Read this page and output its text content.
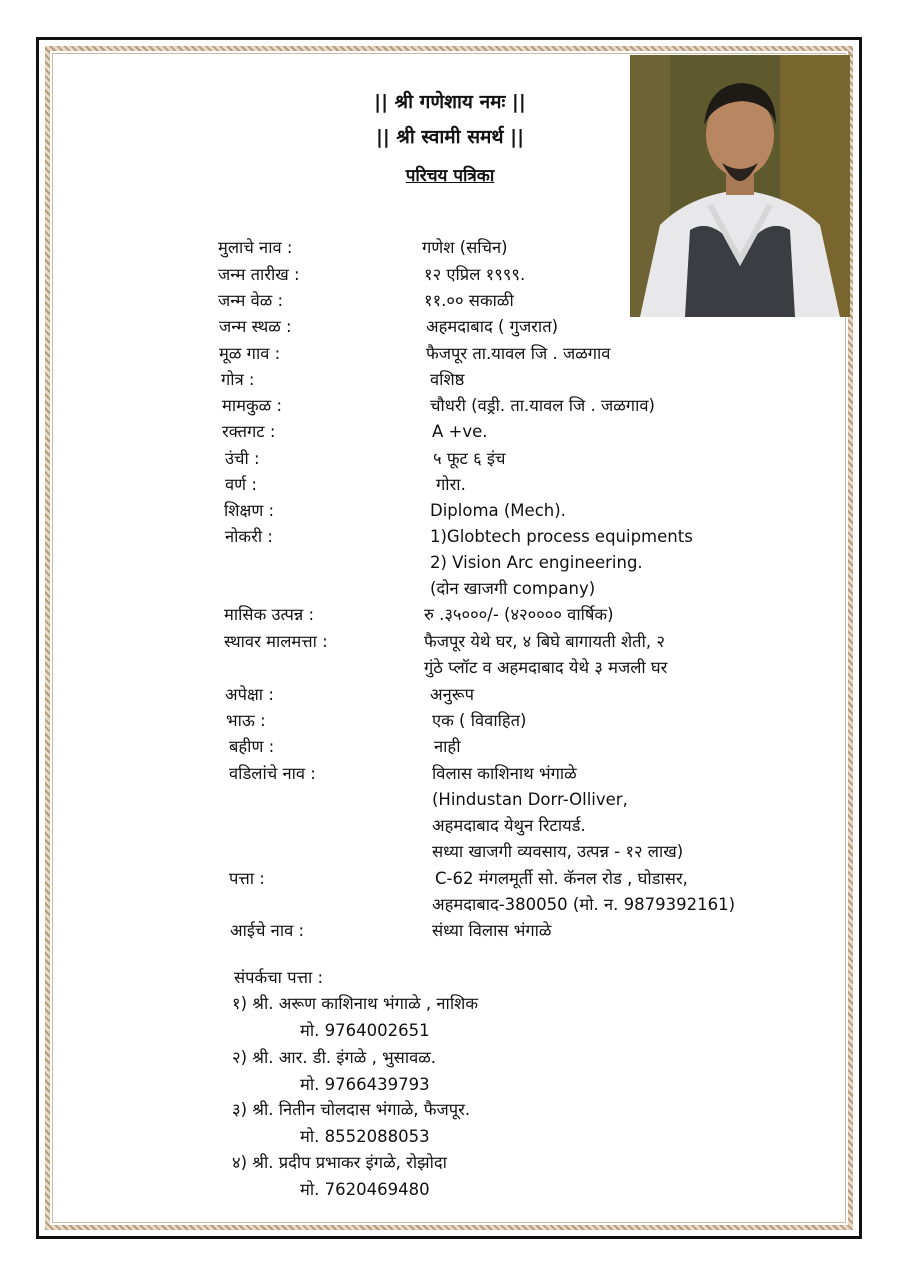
|| श्री गणेशाय नमः ||
|| श्री स्वामी समर्थ ||
परिचय पत्रिका
मुलाचे नाव :	गणेश (सचिन)
जन्म तारीख :	१२ एप्रिल १९९९.
जन्म वेळ :	११.०० सकाळी
जन्म स्थळ :	अहमदाबाद ( गुजरात)
मूळ गाव :	फैजपूर ता.यावल जि . जळगाव
गोत्र :	वशिष्ठ
मामकुळ :	चौधरी (वड्री. ता.यावल जि . जळगाव)
रक्तगट :	A +ve.
उंची :	५ फूट ६ इंच
वर्ण :	गोरा.
शिक्षण :	Diploma (Mech).
नोकरी :	1)Globtech process equipments
2) Vision Arc engineering.
(दोन खाजगी company)
मासिक उत्पन्न :	रु .३५०००/- (४२०००० वार्षिक)
स्थावर मालमत्ता :	फैजपूर येथे घर, ४ बिघे बागायती शेती, २
गुंठे प्लॉट व अहमदाबाद येथे ३ मजली घर
अपेक्षा :	अनुरूप
भाऊ :	एक ( विवाहित)
बहीण :	नाही
वडिलांचे नाव :	विलास काशिनाथ भंगाळे
(Hindustan Dorr-Olliver,
अहमदाबाद येथुन रिटायर्ड.
सध्या खाजगी व्यवसाय, उत्पन्न - १२ लाख)
पत्ता :	C-62 मंगलमूर्ती सो. कॅनल रोड , घोडासर,
अहमदाबाद-380050 (मो. न. 9879392161)
आईचे नाव :	संध्या विलास भंगाळे
संपर्कचा पत्ता :
१) श्री. अरूण काशिनाथ भंगाळे , नाशिक
मो. 9764002651
२) श्री. आर. डी. इंगळे , भुसावळ.
मो. 9766439793
३) श्री. नितीन चोलदास भंगाळे, फैजपूर.
मो. 8552088053
४) श्री. प्रदीप प्रभाकर इंगळे, रोझोदा
मो. 7620469480
